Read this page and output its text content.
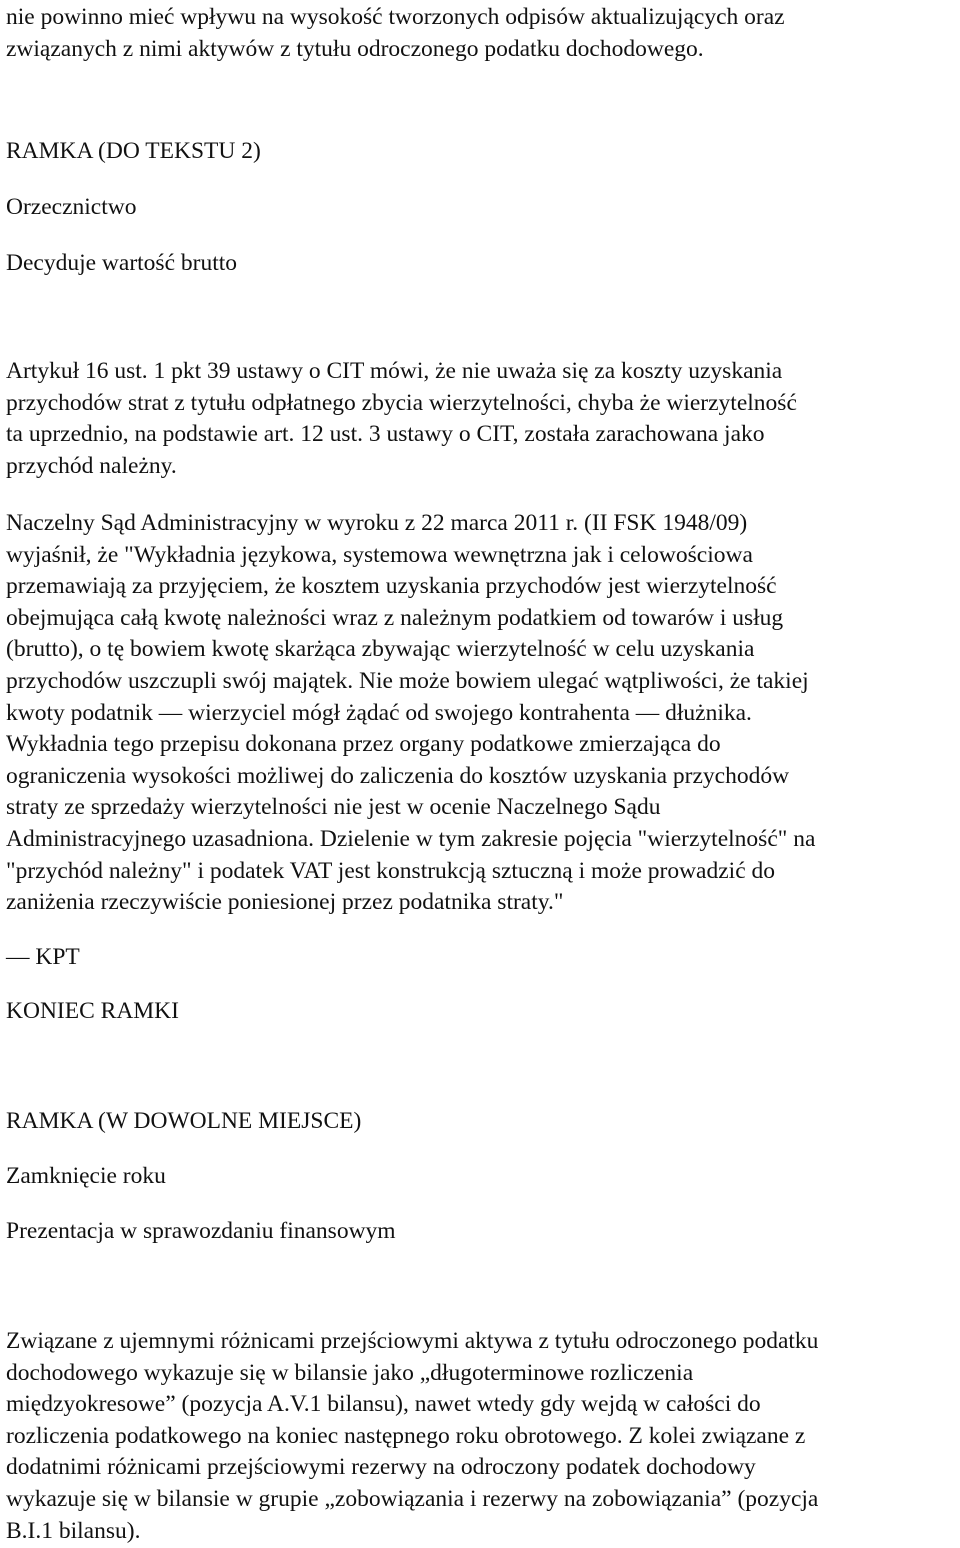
nie powinno mieć wpływu na wysokość tworzonych odpisów aktualizujących oraz
związanych z nimi aktywów z tytułu odroczonego podatku dochodowego.

RAMKA (DO TEKSTU 2)

Orzecznictwo

Decyduje wartość brutto

Artykuł 16 ust. 1 pkt 39 ustawy o CIT mówi, że nie uważa się za koszty uzyskania
przychodów strat z tytułu odpłatnego zbycia wierzytelności, chyba że wierzytelność
ta uprzednio, na podstawie art. 12 ust. 3 ustawy o CIT, została zarachowana jako
przychód należny.

Naczelny Sąd Administracyjny w wyroku z 22 marca 2011 r. (II FSK 1948/09)
wyjaśnił, że "Wykładnia językowa, systemowa wewnętrzna jak i celowościowa
przemawiają za przyjęciem, że kosztem uzyskania przychodów jest wierzytelność
obejmująca całą kwotę należności wraz z należnym podatkiem od towarów i usług
(brutto), o tę bowiem kwotę skarżąca zbywając wierzytelność w celu uzyskania
przychodów uszczupli swój majątek. Nie może bowiem ulegać wątpliwości, że takiej
kwoty podatnik — wierzyciel mógł żądać od swojego kontrahenta — dłużnika.
Wykładnia tego przepisu dokonana przez organy podatkowe zmierzająca do
ograniczenia wysokości możliwej do zaliczenia do kosztów uzyskania przychodów
straty ze sprzedaży wierzytelności nie jest w ocenie Naczelnego Sądu
Administracyjnego uzasadniona. Dzielenie w tym zakresie pojęcia "wierzytelność" na
"przychód należny" i podatek VAT jest konstrukcją sztuczną i może prowadzić do
zaniżenia rzeczywiście poniesionej przez podatnika straty."

— KPT

KONIEC RAMKI

RAMKA (W DOWOLNE MIEJSCE)

Zamknięcie roku

Prezentacja w sprawozdaniu finansowym

Związane z ujemnymi różnicami przejściowymi aktywa z tytułu odroczonego podatku
dochodowego wykazuje się w bilansie jako „długoterminowe rozliczenia
międzyokresowe” (pozycja A.V.1 bilansu), nawet wtedy gdy wejdą w całości do
rozliczenia podatkowego na koniec następnego roku obrotowego. Z kolei związane z
dodatnimi różnicami przejściowymi rezerwy na odroczony podatek dochodowy
wykazuje się w bilansie w grupie „zobowiązania i rezerwy na zobowiązania” (pozycja
B.I.1 bilansu).
